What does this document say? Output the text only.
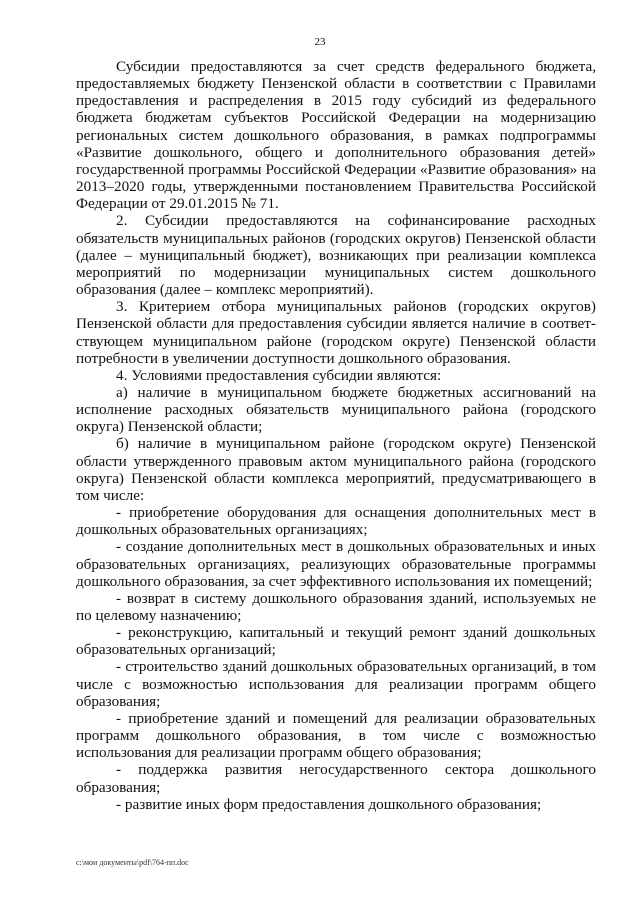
23

Субсидии предоставляются за счет средств федерального бюджета, предоставляемых бюджету Пензенской области в соответствии с Правилами предоставления и распределения в 2015 году субсидий из федерального бюджета бюджетам субъектов Российской Федерации на модернизацию региональных систем дошкольного образования, в рамках подпрограммы «Развитие дошкольного, общего и дополнительного образования детей» государственной программы Российской Федерации «Развитие образования» на 2013–2020 годы, утвержденными постановлением Правительства Российской Федерации от 29.01.2015 № 71.

2. Субсидии предоставляются на софинансирование расходных обязательств муниципальных районов (городских округов) Пензенской области (далее – муниципальный бюджет), возникающих при реализации комплекса мероприятий по модернизации муниципальных систем дошкольного образования (далее – комплекс мероприятий).

3. Критерием отбора муниципальных районов (городских округов) Пензенской области для предоставления субсидии является наличие в соответ-ствующем муниципальном районе (городском округе) Пензенской области потребности в увеличении доступности дошкольного образования.

4. Условиями предоставления субсидии являются:

а) наличие в муниципальном бюджете бюджетных ассигнований на исполнение расходных обязательств муниципального района (городского округа) Пензенской области;

б) наличие в муниципальном районе (городском округе) Пензенской области утвержденного правовым актом муниципального района (городского округа) Пензенской области комплекса мероприятий, предусматривающего в том числе:

- приобретение оборудования для оснащения дополнительных мест в дошкольных образовательных организациях;

- создание дополнительных мест в дошкольных образовательных и иных образовательных организациях, реализующих образовательные программы дошкольного образования, за счет эффективного использования их помещений;

- возврат в систему дошкольного образования зданий, используемых не по целевому назначению;

- реконструкцию, капитальный и текущий ремонт зданий дошкольных образовательных организаций;

- строительство зданий дошкольных образовательных организаций, в том числе с возможностью использования для реализации программ общего образования;

- приобретение зданий и помещений для реализации образовательных программ дошкольного образования, в том числе с возможностью использования для реализации программ общего образования;

- поддержка развития негосударственного сектора дошкольного образования;

- развитие иных форм предоставления дошкольного образования;

c:\мои документы\pdf\764-пп.doc
